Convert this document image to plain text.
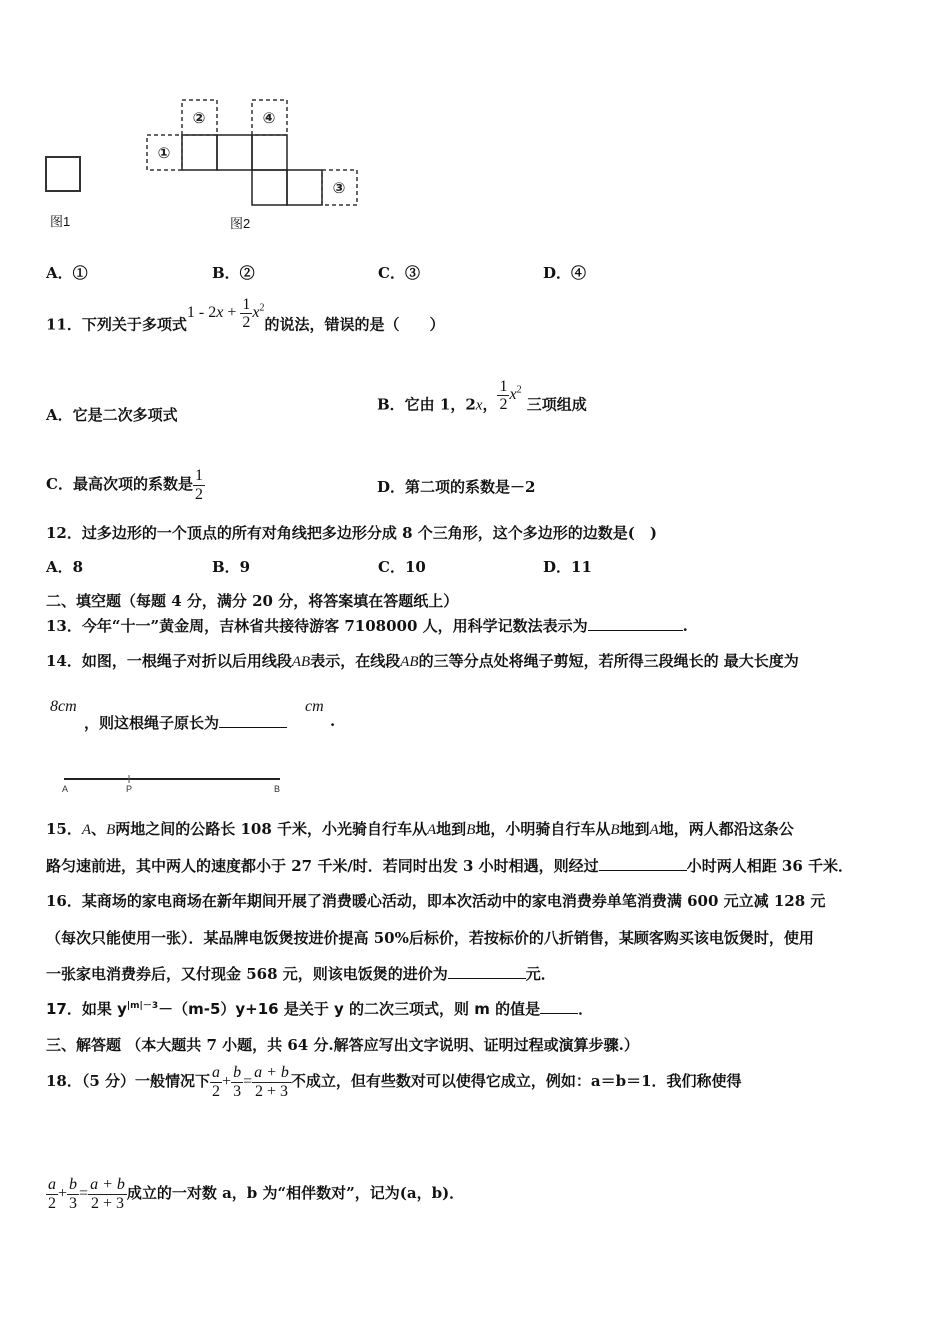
①
②	④
③
图1	图2
A．①	B．②	C．③	D．④
11．下列关于多项式$1 - 2x + \frac{1}{2} x^2$的说法，错误的是（　　）
A．它是二次多项式
B．它由 1，2x， $\frac{1}{2} x^2$ 三项组成
C．最高次项的系数是 $\frac{1}{2}$	D．第二项的系数是－2
12．过多边形的一个顶点的所有对角线把多边形分成 8 个三角形，这个多边形的边数是(　)
A．8	B．9	C．10	D．11
二、填空题（每题 4 分，满分 20 分，将答案填在答题纸上）
13．今年“十一”黄金周，吉林省共接待游客 7108000 人，用科学记数法表示为	.
14．如图，一根绳子对折以后用线段AB表示，在线段AB的三等分点处将绳子剪短，若所得三段绳长的 最大长度为
8cm
，则这根绳子原长为
cm
.
A	P	B
15．A、B两地之间的公路长 108 千米，小光骑自行车从A地到B地，小明骑自行车从B地到A地，两人都沿这条公
路匀速前进，其中两人的速度都小于 27 千米/时．若同时出发 3 小时相遇，则经过	小时两人相距 36 千米．
16．某商场的家电商场在新年期间开展了消费暖心活动，即本次活动中的家电消费券单笔消费满 600 元立减 128 元
（每次只能使用一张）．某品牌电饭煲按进价提高 50%后标价，若按标价的八折销售，某顾客购买该电饭煲时，使用
一张家电消费券后，又付现金 568 元，则该电饭煲的进价为	元．
17．如果 $y^{|m|-3}-(m-5)y+16$ 是关于 y 的二次三项式，则 m 的值是	．
三、解答题 （本大题共 7 小题，共 64 分.解答应写出文字说明、证明过程或演算步骤.）
18．（5 分）一般情况下 $\frac{a}{2} + \frac{b}{3} = \frac{a + b}{2 + 3}$ 不成立，但有些数对可以使得它成立，例如：a＝b＝1．我们称使得
$\frac{a}{2} + \frac{b}{3} = \frac{a + b}{2 + 3}$ 成立的一对数 a，b 为“相伴数对”，记为(a，b)．
